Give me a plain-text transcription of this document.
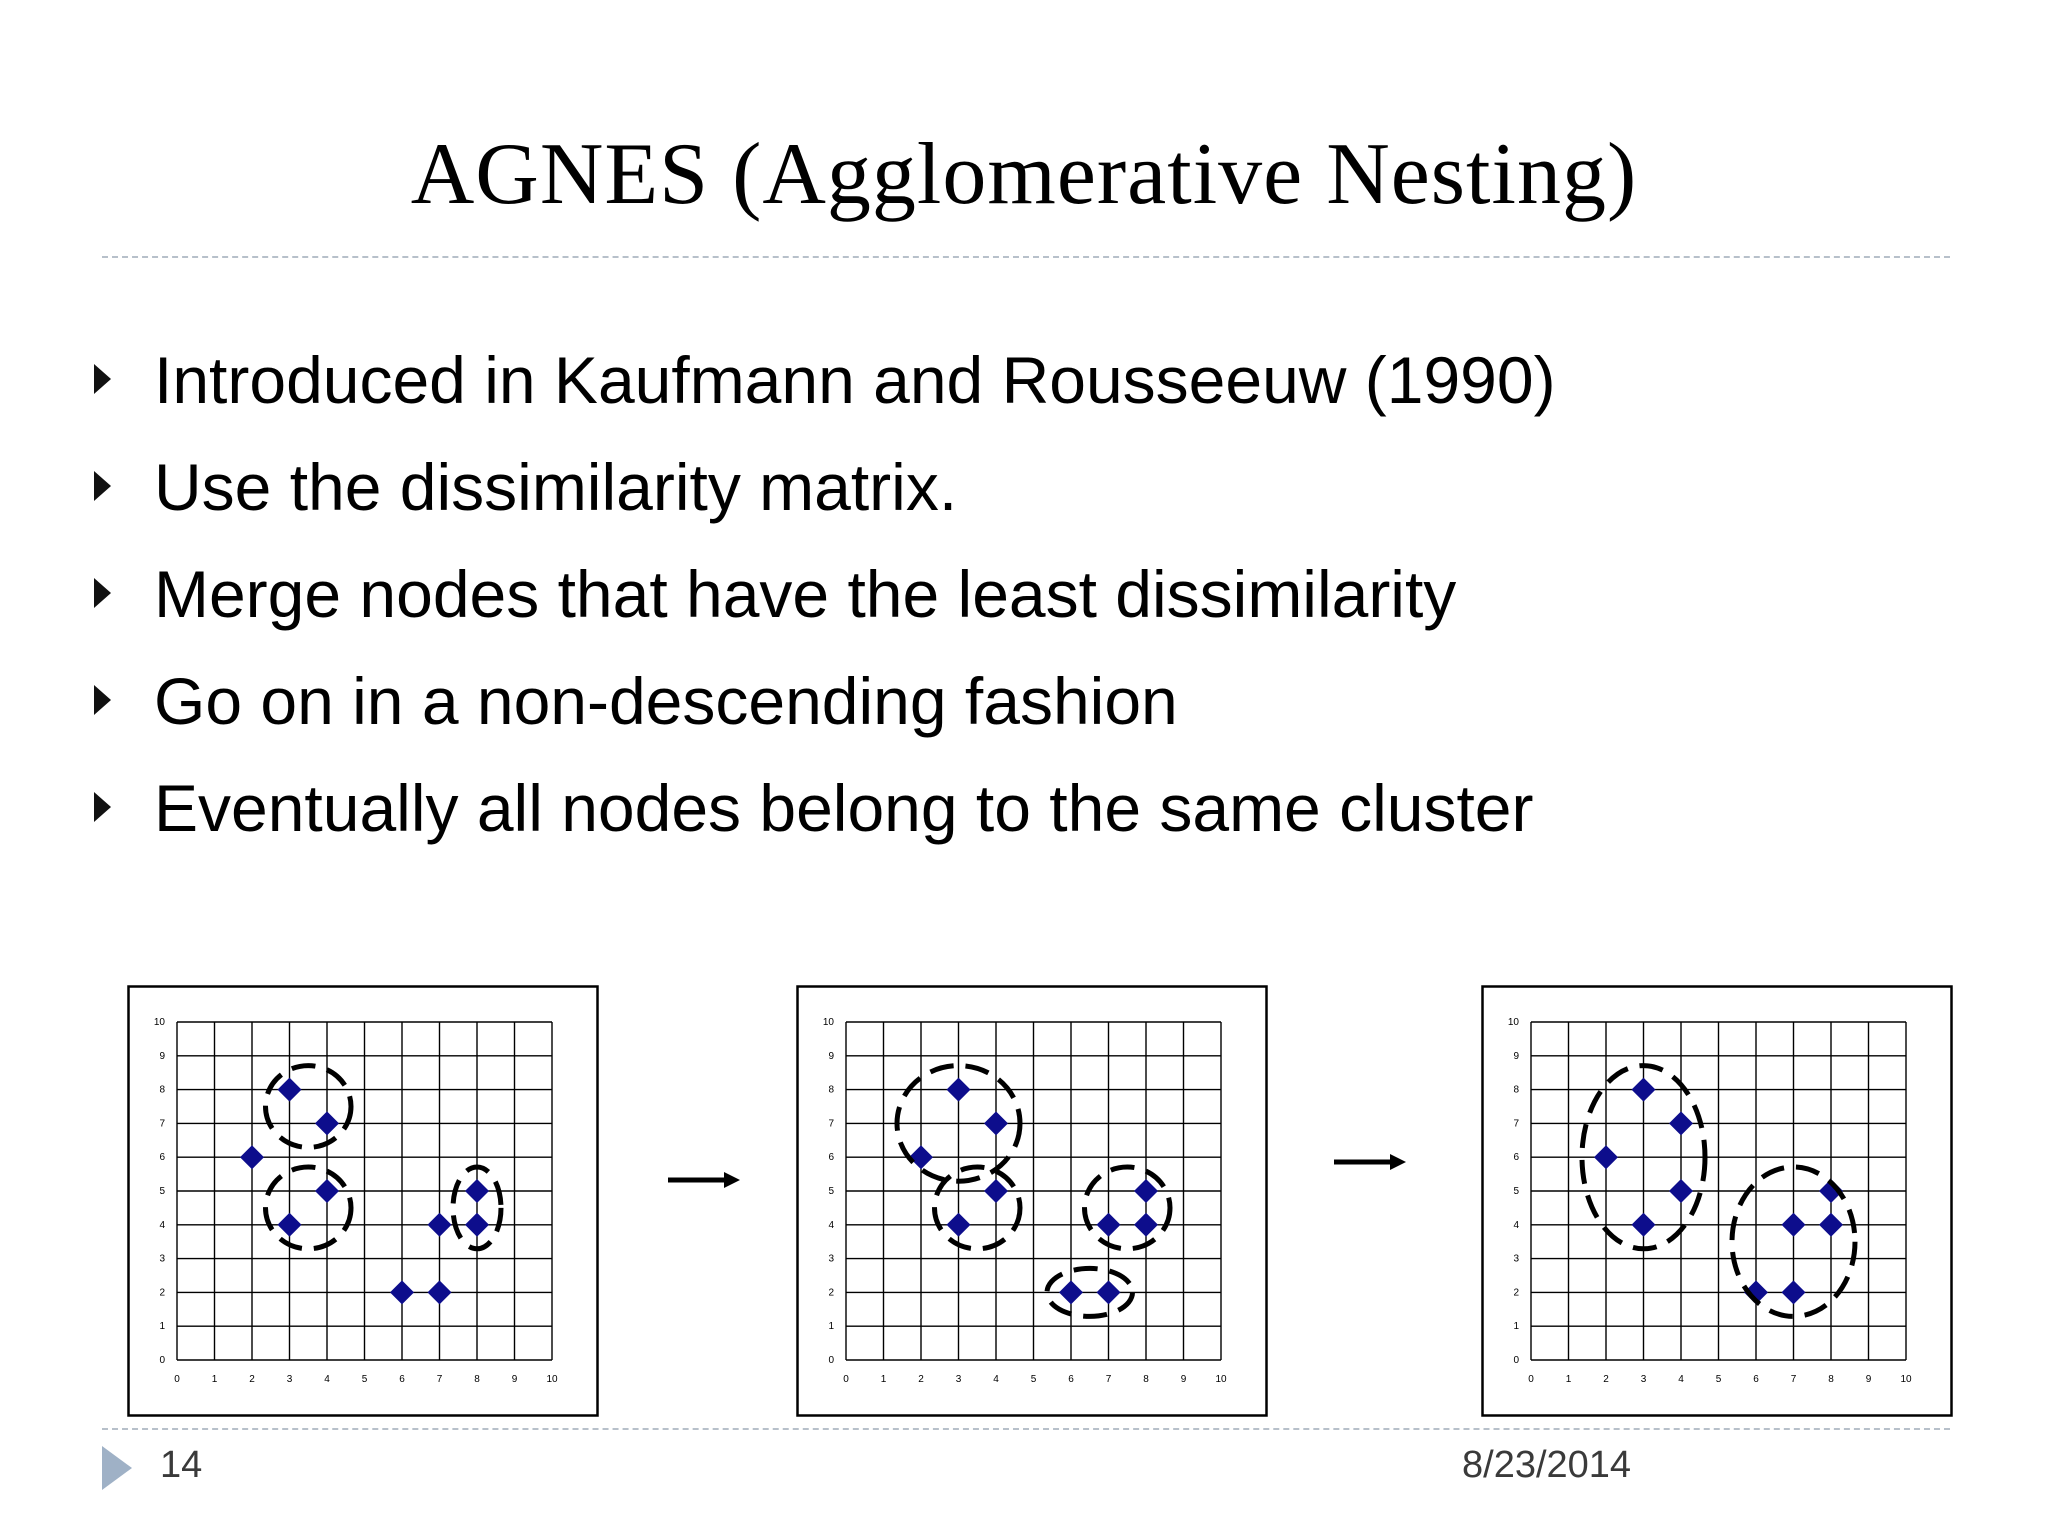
AGNES (Agglomerative Nesting)
Introduced in Kaufmann and Rousseeuw (1990)
Use the dissimilarity matrix.
Merge nodes that have the least dissimilarity
Go on in a non-descending fashion
Eventually all nodes belong to the same cluster
0	1	2	3	4	5	6	7	8	9	10
0
1
2
3
4
5
6
7
8
9
10
0	1	2	3	4	5	6	7	8	9	10
0
1
2
3
4
5
6
7
8
9
10
0	1	2	3	4	5	6	7	8	9	10
0
1
2
3
4
5
6
7
8
9
10
14	8/23/2014
